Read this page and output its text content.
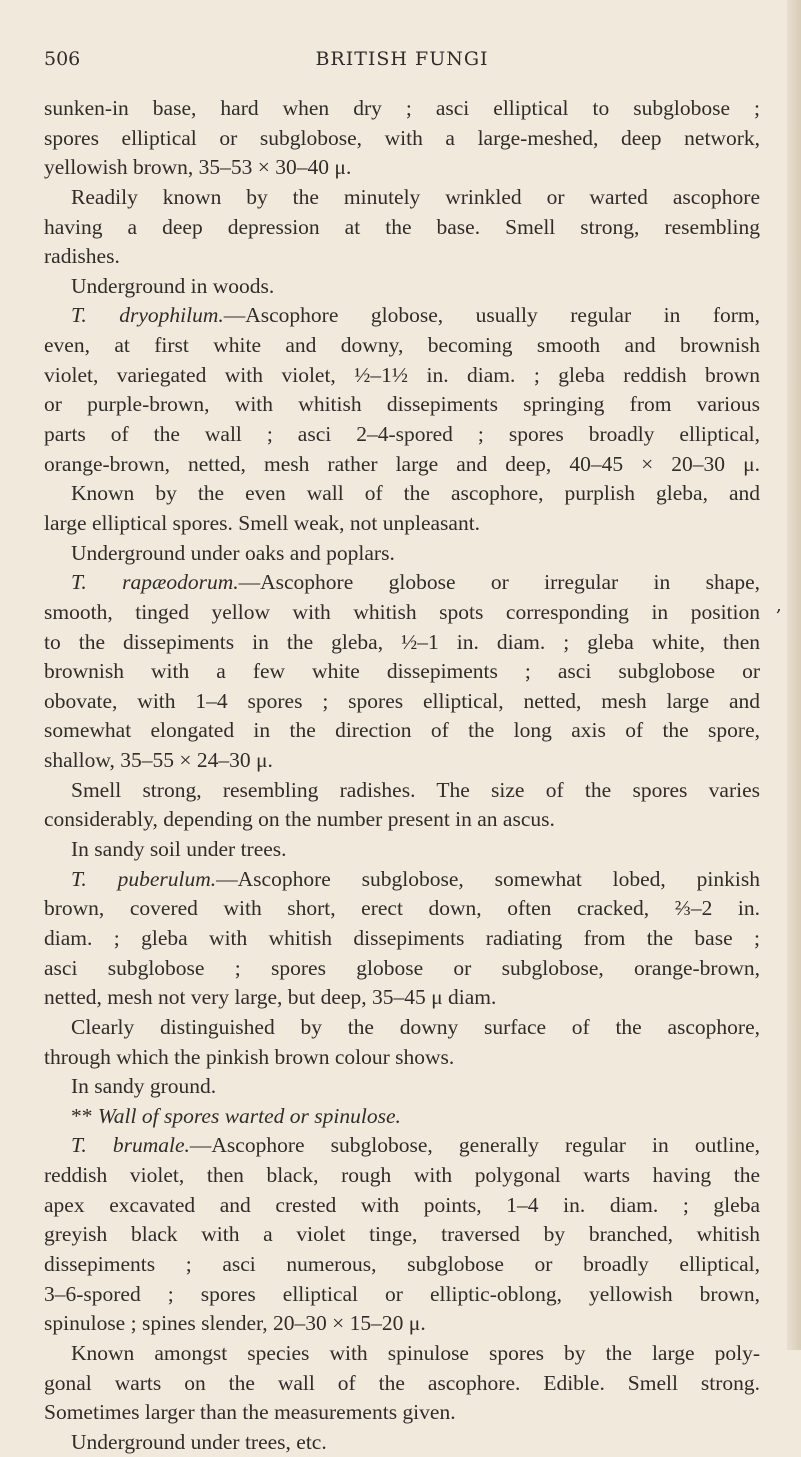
506	BRITISH FUNGI
sunken-in base, hard when dry ; asci elliptical to subglobose ;
spores elliptical or subglobose, with a large-meshed, deep network,
yellowish brown, 35–53 × 30–40 μ.
Readily known by the minutely wrinkled or warted ascophore
having a deep depression at the base. Smell strong, resembling
radishes.
Underground in woods.
T. dryophilum.—Ascophore globose, usually regular in form,
even, at first white and downy, becoming smooth and brownish
violet, variegated with violet, ½–1½ in. diam. ; gleba reddish brown
or purple-brown, with whitish dissepiments springing from various
parts of the wall ; asci 2–4-spored ; spores broadly elliptical,
orange-brown, netted, mesh rather large and deep, 40–45 × 20–30 μ.
Known by the even wall of the ascophore, purplish gleba, and
large elliptical spores. Smell weak, not unpleasant.
Underground under oaks and poplars.
T. rapæodorum.—Ascophore globose or irregular in shape,
smooth, tinged yellow with whitish spots corresponding in position
to the dissepiments in the gleba, ½–1 in. diam. ; gleba white, then
brownish with a few white dissepiments ; asci subglobose or
obovate, with 1–4 spores ; spores elliptical, netted, mesh large and
somewhat elongated in the direction of the long axis of the spore,
shallow, 35–55 × 24–30 μ.
Smell strong, resembling radishes. The size of the spores varies
considerably, depending on the number present in an ascus.
In sandy soil under trees.
T. puberulum.—Ascophore subglobose, somewhat lobed, pinkish
brown, covered with short, erect down, often cracked, ⅔–2 in.
diam. ; gleba with whitish dissepiments radiating from the base ;
asci subglobose ; spores globose or subglobose, orange-brown,
netted, mesh not very large, but deep, 35–45 μ diam.
Clearly distinguished by the downy surface of the ascophore,
through which the pinkish brown colour shows.
In sandy ground.
** Wall of spores warted or spinulose.
T. brumale.—Ascophore subglobose, generally regular in outline,
reddish violet, then black, rough with polygonal warts having the
apex excavated and crested with points, 1–4 in. diam. ; gleba
greyish black with a violet tinge, traversed by branched, whitish
dissepiments ; asci numerous, subglobose or broadly elliptical,
3–6-spored ; spores elliptical or elliptic-oblong, yellowish brown,
spinulose ; spines slender, 20–30 × 15–20 μ.
Known amongst species with spinulose spores by the large poly-
gonal warts on the wall of the ascophore. Edible. Smell strong.
Sometimes larger than the measurements given.
Underground under trees, etc.
,
